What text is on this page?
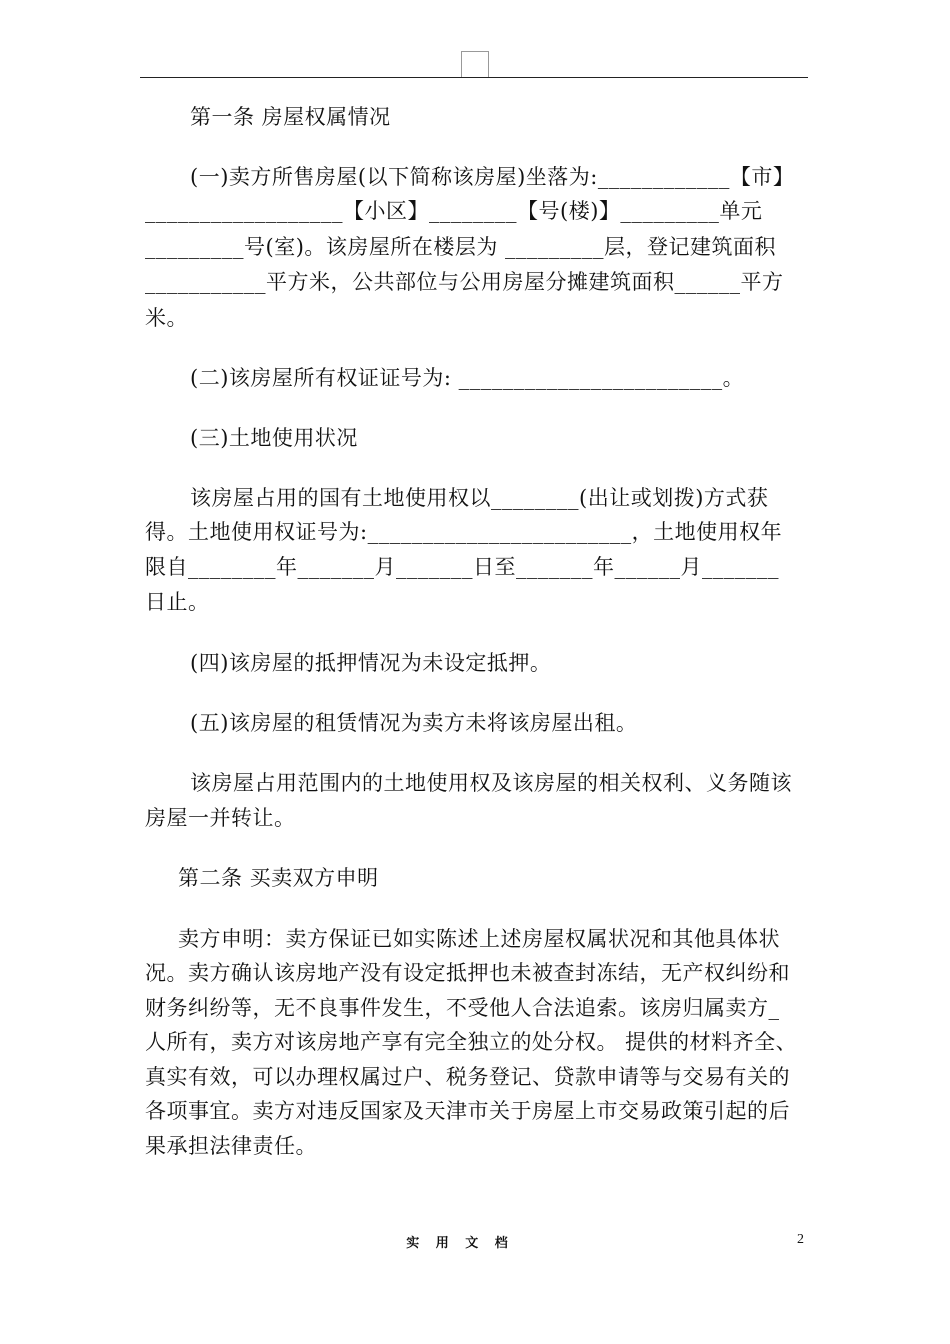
第一条 房屋权属情况
(一)卖方所售房屋(以下简称该房屋)坐落为:____________【市】
__________________【小区】________【号(楼)】_________单元
_________号(室)。该房屋所在楼层为 _________层，登记建筑面积
___________平方米，公共部位与公用房屋分摊建筑面积______平方
米。
(二)该房屋所有权证证号为: ________________________。
(三)土地使用状况
该房屋占用的国有土地使用权以________(出让或划拨)方式获
得。土地使用权证号为:________________________，土地使用权年
限自________年_______月_______日至_______年______月_______
日止。
(四)该房屋的抵押情况为未设定抵押。
(五)该房屋的租赁情况为卖方未将该房屋出租。
该房屋占用范围内的土地使用权及该房屋的相关权利、义务随该
房屋一并转让。
第二条 买卖双方申明
卖方申明：卖方保证已如实陈述上述房屋权属状况和其他具体状
况。卖方确认该房地产没有设定抵押也未被查封冻结，无产权纠纷和
财务纠纷等，无不良事件发生，不受他人合法追索。该房归属卖方_
人所有，卖方对该房地产享有完全独立的处分权。 提供的材料齐全、
真实有效，可以办理权属过户、税务登记、贷款申请等与交易有关的
各项事宜。卖方对违反国家及天津市关于房屋上市交易政策引起的后
果承担法律责任。
实 用 文 档	2
